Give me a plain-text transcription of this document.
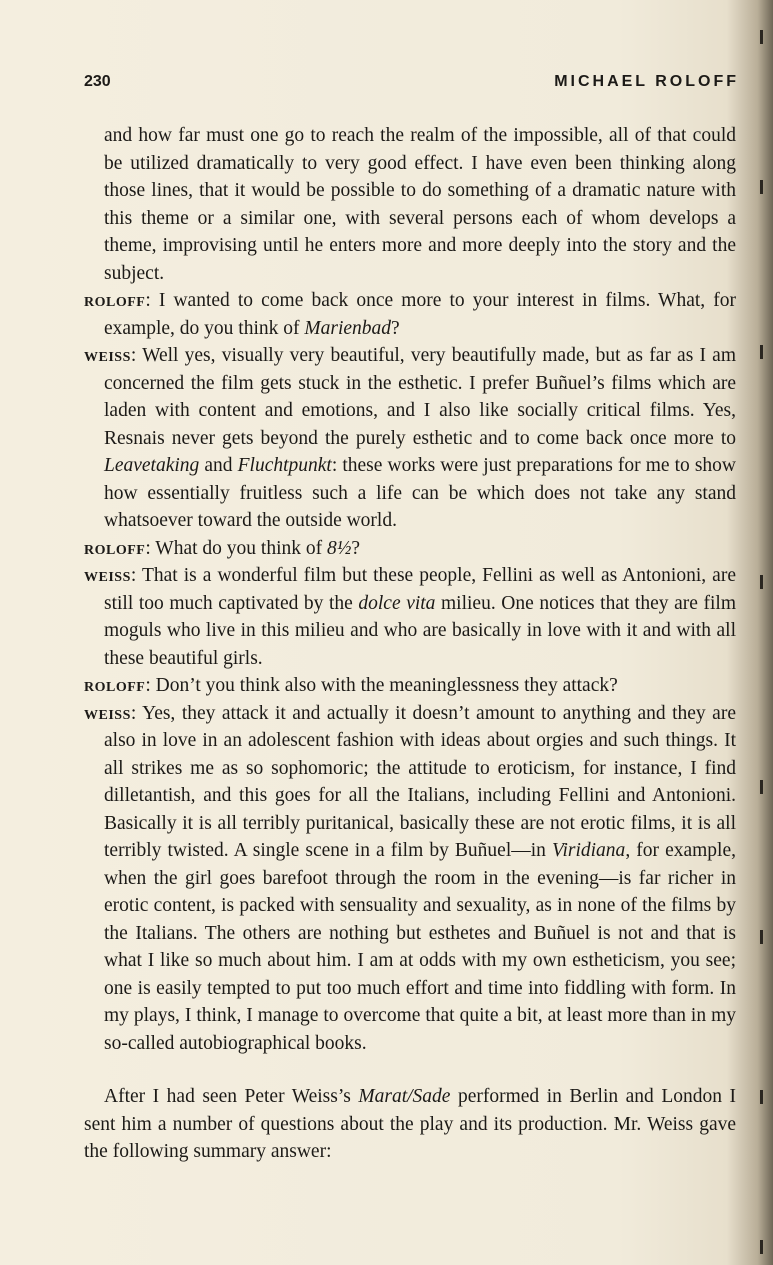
230	MICHAEL ROLOFF

and how far must one go to reach the realm of the impossible, all of that could be utilized dramatically to very good effect. I have even been thinking along those lines, that it would be possible to do something of a dramatic nature with this theme or a similar one, with several persons each of whom develops a theme, improvising until he enters more and more deeply into the story and the subject.

roloff: I wanted to come back once more to your interest in films. What, for example, do you think of Marienbad?

weiss: Well yes, visually very beautiful, very beautifully made, but as far as I am concerned the film gets stuck in the esthetic. I prefer Buñuel’s films which are laden with content and emotions, and I also like socially critical films. Yes, Resnais never gets beyond the purely esthetic and to come back once more to Leavetaking and Fluchtpunkt: these works were just preparations for me to show how essentially fruitless such a life can be which does not take any stand whatsoever toward the outside world.

roloff: What do you think of 8½?

weiss: That is a wonderful film but these people, Fellini as well as Antonioni, are still too much captivated by the dolce vita milieu. One notices that they are film moguls who live in this milieu and who are basically in love with it and with all these beautiful girls.

roloff: Don’t you think also with the meaninglessness they attack?

weiss: Yes, they attack it and actually it doesn’t amount to anything and they are also in love in an adolescent fashion with ideas about orgies and such things. It all strikes me as so sophomoric; the attitude to eroticism, for instance, I find dilletantish, and this goes for all the Italians, including Fellini and Antonioni. Basically it is all terribly puritanical, basically these are not erotic films, it is all terribly twisted. A single scene in a film by Buñuel—in Viridiana, for example, when the girl goes barefoot through the room in the evening—is far richer in erotic content, is packed with sensuality and sexuality, as in none of the films by the Italians. The others are nothing but esthetes and Buñuel is not and that is what I like so much about him. I am at odds with my own estheticism, you see; one is easily tempted to put too much effort and time into fiddling with form. In my plays, I think, I manage to overcome that quite a bit, at least more than in my so-called autobiographical books.

After I had seen Peter Weiss’s Marat/Sade performed in Berlin and London I sent him a number of questions about the play and its production. Mr. Weiss gave the following summary answer:
